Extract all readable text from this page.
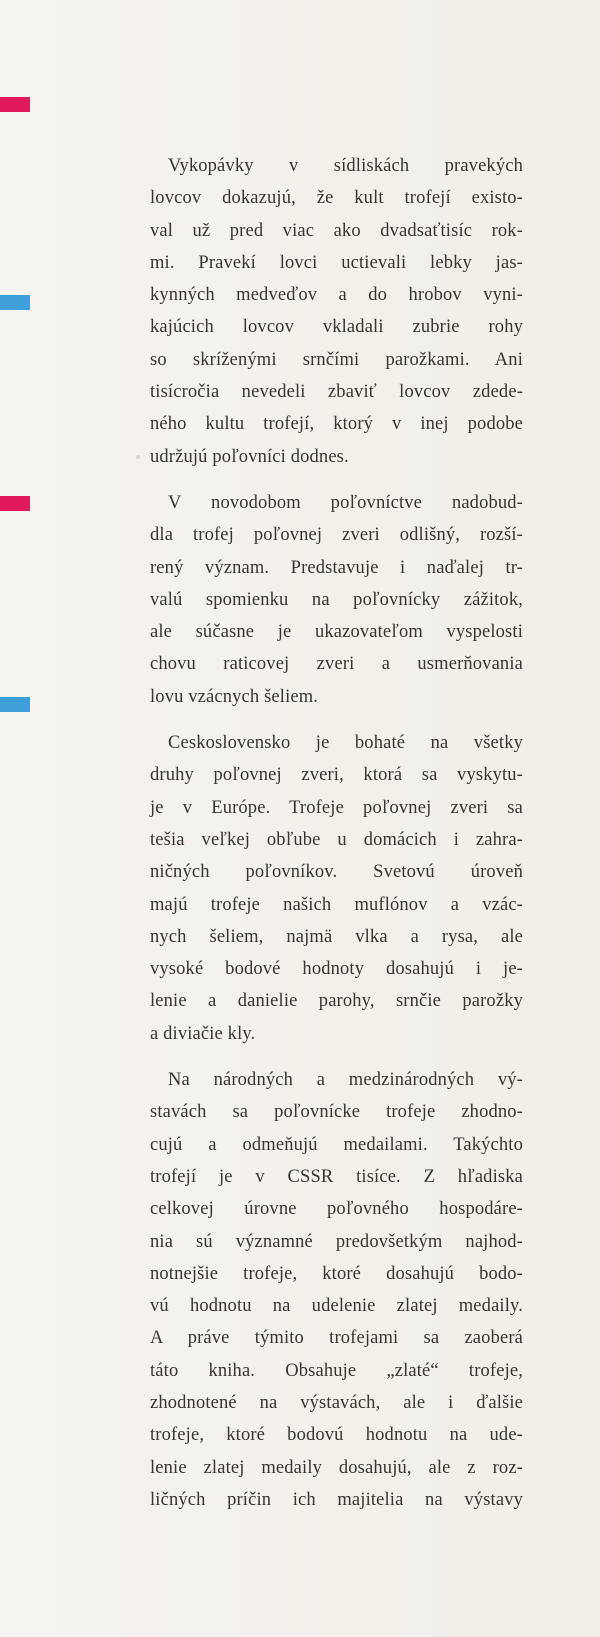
Vykopávky v sídliskách pravekých
lovcov dokazujú, že kult trofejí existo-
val už pred viac ako dvadsaťtisíc rok-
mi. Pravekí lovci uctievali lebky jas-
kynných medveďov a do hrobov vyni-
kajúcich lovcov vkladali zubrie rohy
so skríženými srnčími parožkami. Ani
tisícročia nevedeli zbaviť lovcov zdede-
ného kultu trofejí, ktorý v inej podobe
udržujú poľovníci dodnes.
V novodobom poľovníctve nadobud-
dla trofej poľovnej zveri odlišný, rozší-
rený význam. Predstavuje i naďalej tr-
valú spomienku na poľovnícky zážitok,
ale súčasne je ukazovateľom vyspelosti
chovu raticovej zveri a usmerňovania
lovu vzácnych šeliem.
Ceskoslovensko je bohaté na všetky
druhy poľovnej zveri, ktorá sa vyskytu-
je v Európe. Trofeje poľovnej zveri sa
tešia veľkej obľube u domácich i zahra-
ničných poľovníkov. Svetovú úroveň
majú trofeje našich muflónov a vzác-
nych šeliem, najmä vlka a rysa, ale
vysoké bodové hodnoty dosahujú i je-
lenie a danielie parohy, srnčie parožky
a diviačie kly.
Na národných a medzinárodných vý-
stavách sa poľovnícke trofeje zhodno-
cujú a odmeňujú medailami. Takýchto
trofejí je v CSSR tisíce. Z hľadiska
celkovej úrovne poľovného hospodáre-
nia sú významné predovšetkým najhod-
notnejšie trofeje, ktoré dosahujú bodo-
vú hodnotu na udelenie zlatej medaily.
A práve týmito trofejami sa zaoberá
táto kniha. Obsahuje „zlaté“ trofeje,
zhodnotené na výstavách, ale i ďalšie
trofeje, ktoré bodovú hodnotu na ude-
lenie zlatej medaily dosahujú, ale z roz-
ličných príčin ich majitelia na výstavy
